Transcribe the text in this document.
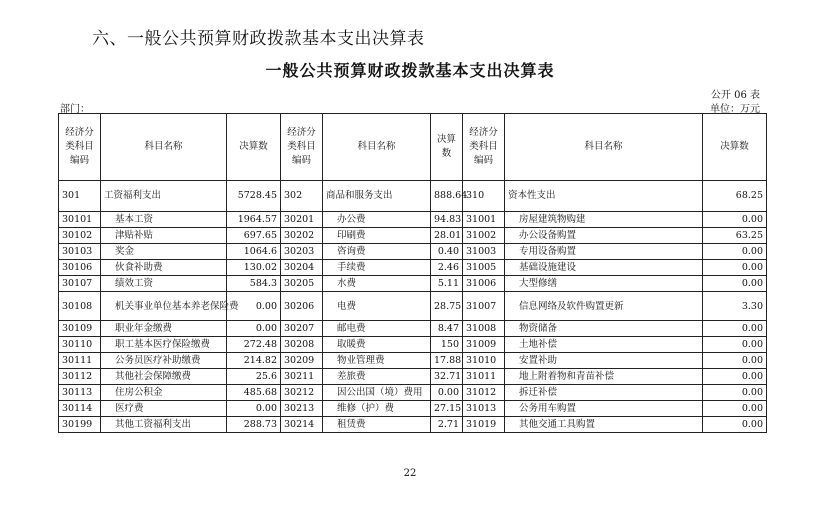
六、一般公共预算财政拨款基本支出决算表
一般公共预算财政拨款基本支出决算表
公开 06 表
部门：	单位：万元
经济分类科目编码	科目名称	决算数	经济分类科目编码	科目名称	决算数	经济分类科目编码	科目名称	决算数
301	工资福利支出	5728.45	302	商品和服务支出	888.64	310	资本性支出	68.25
30101	基本工资	1964.57	30201	办公费	94.83	31001	房屋建筑物购建	0.00
30102	津贴补贴	697.65	30202	印刷费	28.01	31002	办公设备购置	63.25
30103	奖金	1064.6	30203	咨询费	0.40	31003	专用设备购置	0.00
30106	伙食补助费	130.02	30204	手续费	2.46	31005	基础设施建设	0.00
30107	绩效工资	584.3	30205	水费	5.11	31006	大型修缮	0.00
30108	机关事业单位基本养老保险费	0.00	30206	电费	28.75	31007	信息网络及软件购置更新	3.30
30109	职业年金缴费	0.00	30207	邮电费	8.47	31008	物资储备	0.00
30110	职工基本医疗保险缴费	272.48	30208	取暖费	150	31009	土地补偿	0.00
30111	公务员医疗补助缴费	214.82	30209	物业管理费	17.88	31010	安置补助	0.00
30112	其他社会保障缴费	25.6	30211	差旅费	32.71	31011	地上附着物和青苗补偿	0.00
30113	住房公积金	485.68	30212	因公出国（境）费用	0.00	31012	拆迁补偿	0.00
30114	医疗费	0.00	30213	维修（护）费	27.15	31013	公务用车购置	0.00
30199	其他工资福利支出	288.73	30214	租赁费	2.71	31019	其他交通工具购置	0.00
22
